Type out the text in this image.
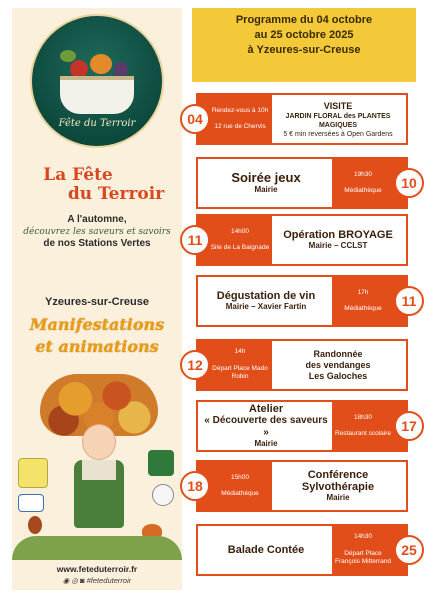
Fête du Terroir
La Fête
du Terroir
A l'automne,
découvrez les saveurs et savoirs
de nos Stations Vertes
Yzeures-sur-Creuse
Manifestations
et animations
www.feteduterroir.fr
◉ ◎ ◙ #feteduterroir
Programme du 04 octobre
au 25 octobre 2025
à Yzeures-sur-Creuse
04
Rendez-vous à 10h
12 rue de Chervis
VISITE
JARDIN FLORAL des PLANTES MAGIQUES
5 € min reversées à Open Gardens
10
19h30
Médiathèque
Soirée jeux
Mairie
11
14h00
Site de La Baignade
Opération BROYAGE
Mairie – CCLST
11
17h
Médiathèque
Dégustation de vin
Mairie – Xavier Fartin
12
14h
Départ Place Mado Robin
Randonnée
des vendanges
Les Galoches
17
18h30
Restaurant scolaire
Atelier
« Découverte des saveurs »
Mairie
18
15h00
Médiathèque
Conférence
Sylvothérapie
Mairie
25
14h30
Départ Place François Mitterrand
Balade Contée
